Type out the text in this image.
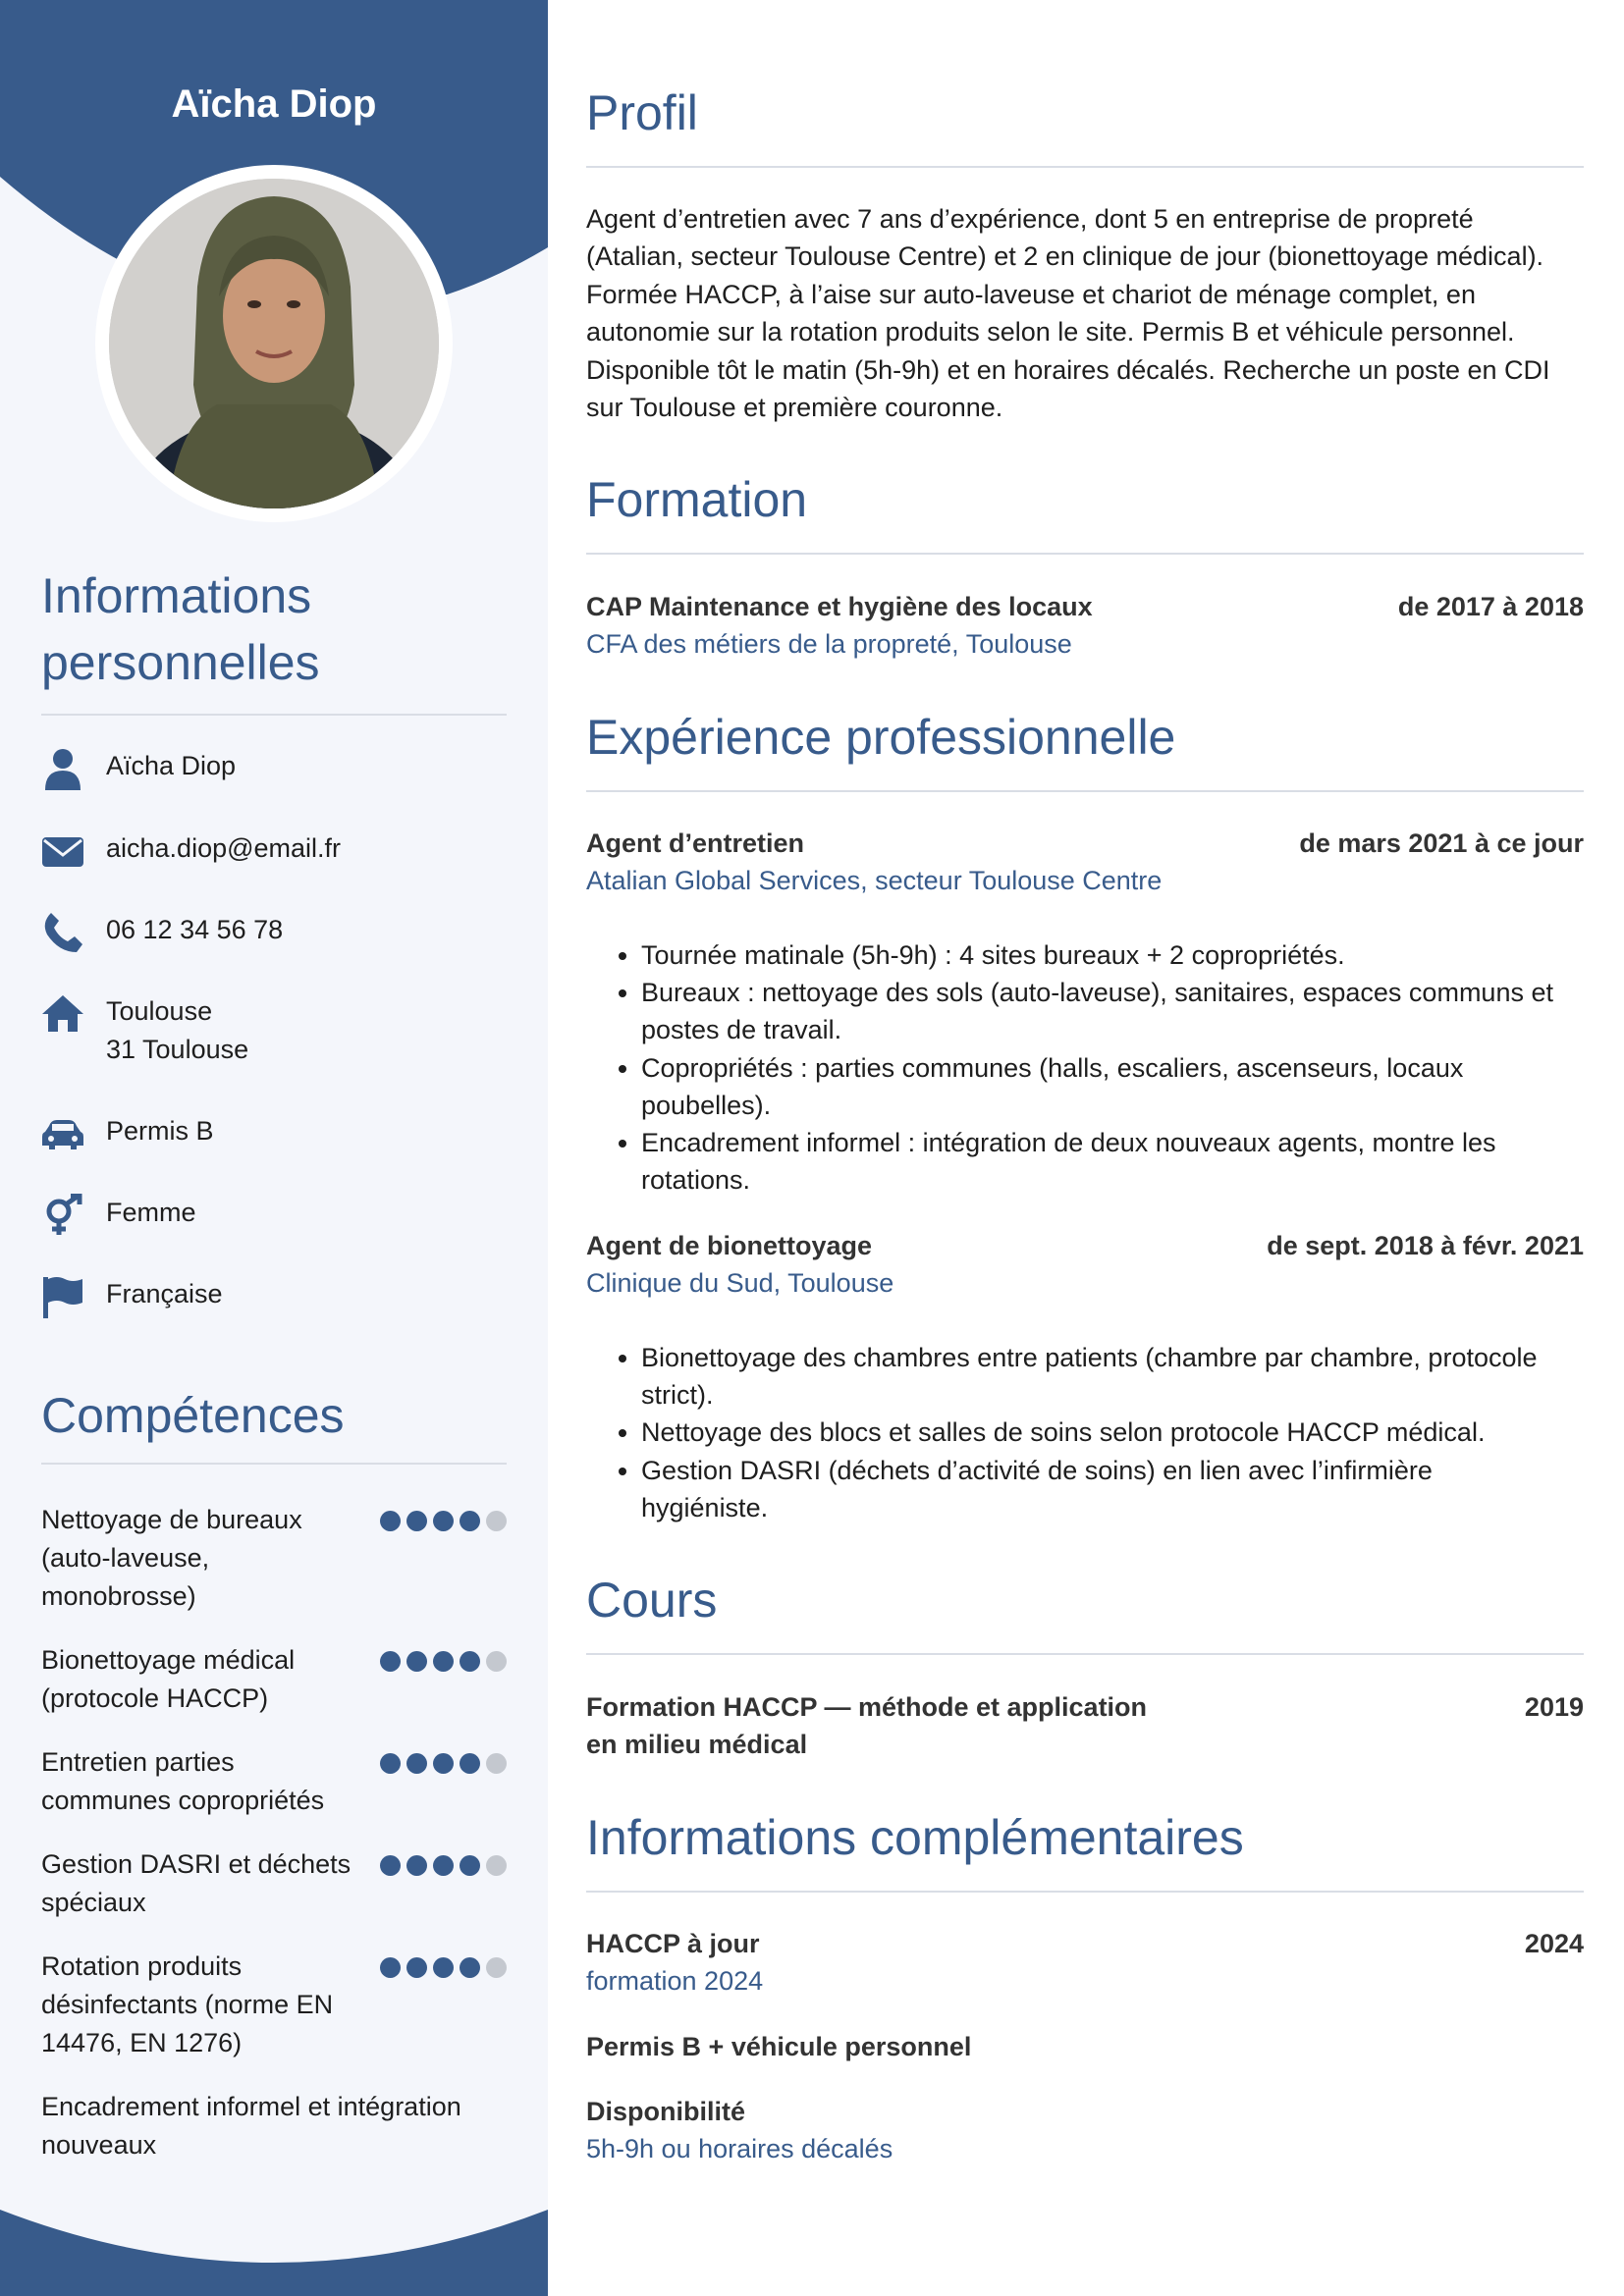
Aïcha Diop
Informations
personnelles
Aïcha Diop
aicha.diop@email.fr
06 12 34 56 78
Toulouse
31 Toulouse
Permis B
Femme
Française
Compétences
Nettoyage de bureaux
(auto-laveuse,
monobrosse)
Bionettoyage médical
(protocole HACCP)
Entretien parties
communes copropriétés
Gestion DASRI et déchets
spéciaux
Rotation produits
désinfectants (norme EN
14476, EN 1276)
Encadrement informel et intégration
nouveaux
Profil

Agent d’entretien avec 7 ans d’expérience, dont 5 en entreprise de propreté
(Atalian, secteur Toulouse Centre) et 2 en clinique de jour (bionettoyage médical).
Formée HACCP, à l’aise sur auto-laveuse et chariot de ménage complet, en
autonomie sur la rotation produits selon le site. Permis B et véhicule personnel.
Disponible tôt le matin (5h-9h) et en horaires décalés. Recherche un poste en CDI
sur Toulouse et première couronne.

Formation
CAP Maintenance et hygiène des locaux	de 2017 à 2018
CFA des métiers de la propreté, Toulouse
Expérience professionnelle
Agent d’entretien	de mars 2021 à ce jour
Atalian Global Services, secteur Toulouse Centre
• Tournée matinale (5h-9h) : 4 sites bureaux + 2 copropriétés.
• Bureaux : nettoyage des sols (auto-laveuse), sanitaires, espaces communs et
postes de travail.
• Copropriétés : parties communes (halls, escaliers, ascenseurs, locaux
poubelles).
• Encadrement informel : intégration de deux nouveaux agents, montre les
rotations.
Agent de bionettoyage	de sept. 2018 à févr. 2021
Clinique du Sud, Toulouse
• Bionettoyage des chambres entre patients (chambre par chambre, protocole
strict).
• Nettoyage des blocs et salles de soins selon protocole HACCP médical.
• Gestion DASRI (déchets d’activité de soins) en lien avec l’infirmière
hygiéniste.
Cours
Formation HACCP — méthode et application
en milieu médical
2019
Informations complémentaires
HACCP à jour	2024
formation 2024
Permis B + véhicule personnel
Disponibilité
5h-9h ou horaires décalés
